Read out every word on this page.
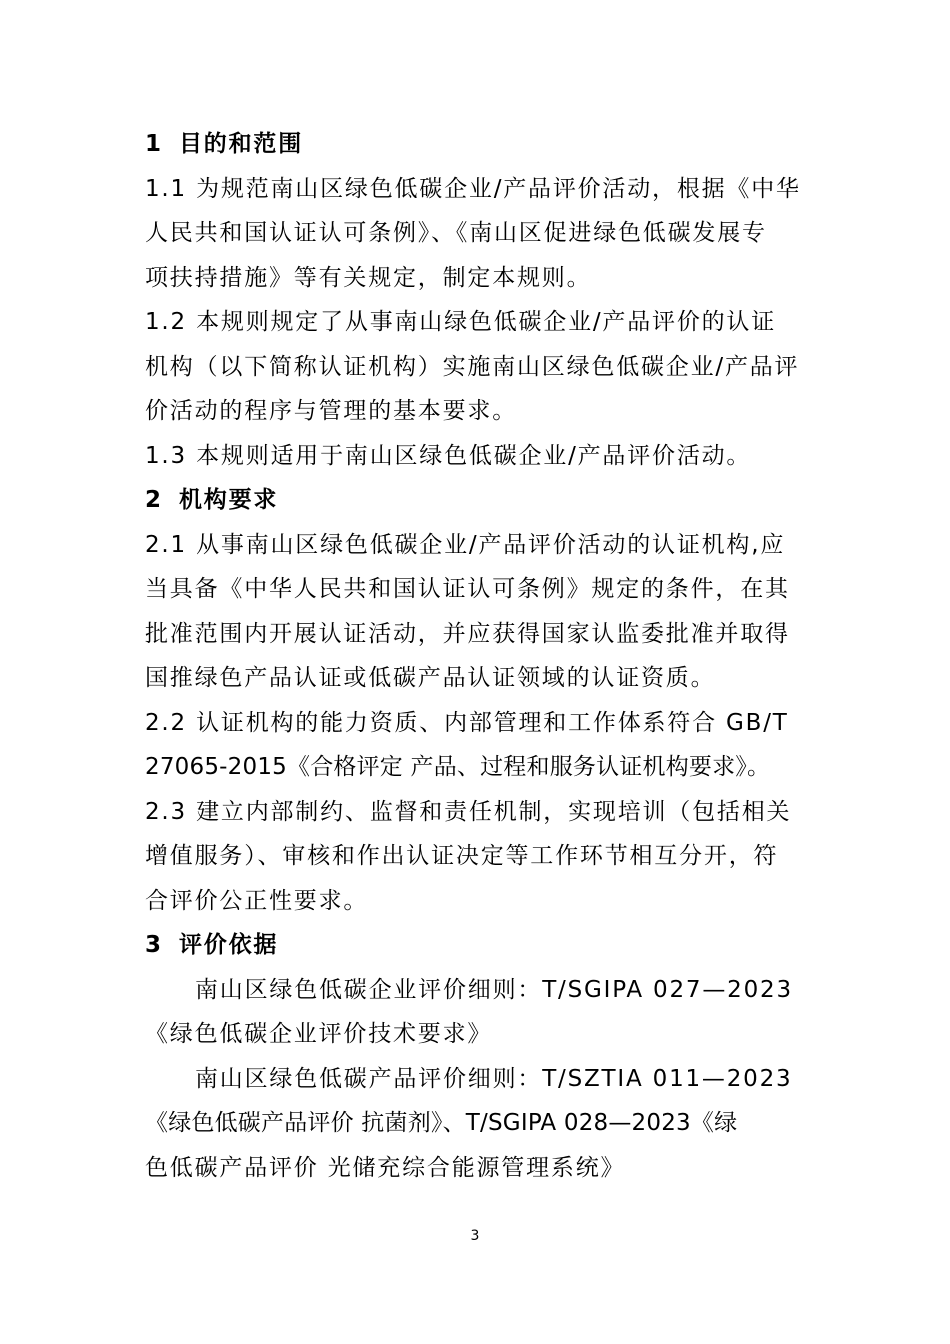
1 目的和范围
1.1 为规范南山区绿色低碳企业/产品评价活动，根据《中华
人民共和国认证认可条例》、《南山区促进绿色低碳发展专
项扶持措施》等有关规定，制定本规则。
1.2 本规则规定了从事南山绿色低碳企业/产品评价的认证
机构（以下简称认证机构）实施南山区绿色低碳企业/产品评
价活动的程序与管理的基本要求。
1.3 本规则适用于南山区绿色低碳企业/产品评价活动。
2 机构要求
2.1 从事南山区绿色低碳企业/产品评价活动的认证机构,应
当具备《中华人民共和国认证认可条例》规定的条件，在其
批准范围内开展认证活动，并应获得国家认监委批准并取得
国推绿色产品认证或低碳产品认证领域的认证资质。
2.2 认证机构的能力资质、内部管理和工作体系符合 GB/T
27065-2015《合格评定 产品、过程和服务认证机构要求》。
2.3 建立内部制约、监督和责任机制，实现培训（包括相关
增值服务）、审核和作出认证决定等工作环节相互分开，符
合评价公正性要求。
3 评价依据
南山区绿色低碳企业评价细则：T/SGIPA 027—2023
《绿色低碳企业评价技术要求》
南山区绿色低碳产品评价细则：T/SZTIA 011—2023
《绿色低碳产品评价 抗菌剂》、T/SGIPA 028—2023《绿
色低碳产品评价 光储充综合能源管理系统》
3
